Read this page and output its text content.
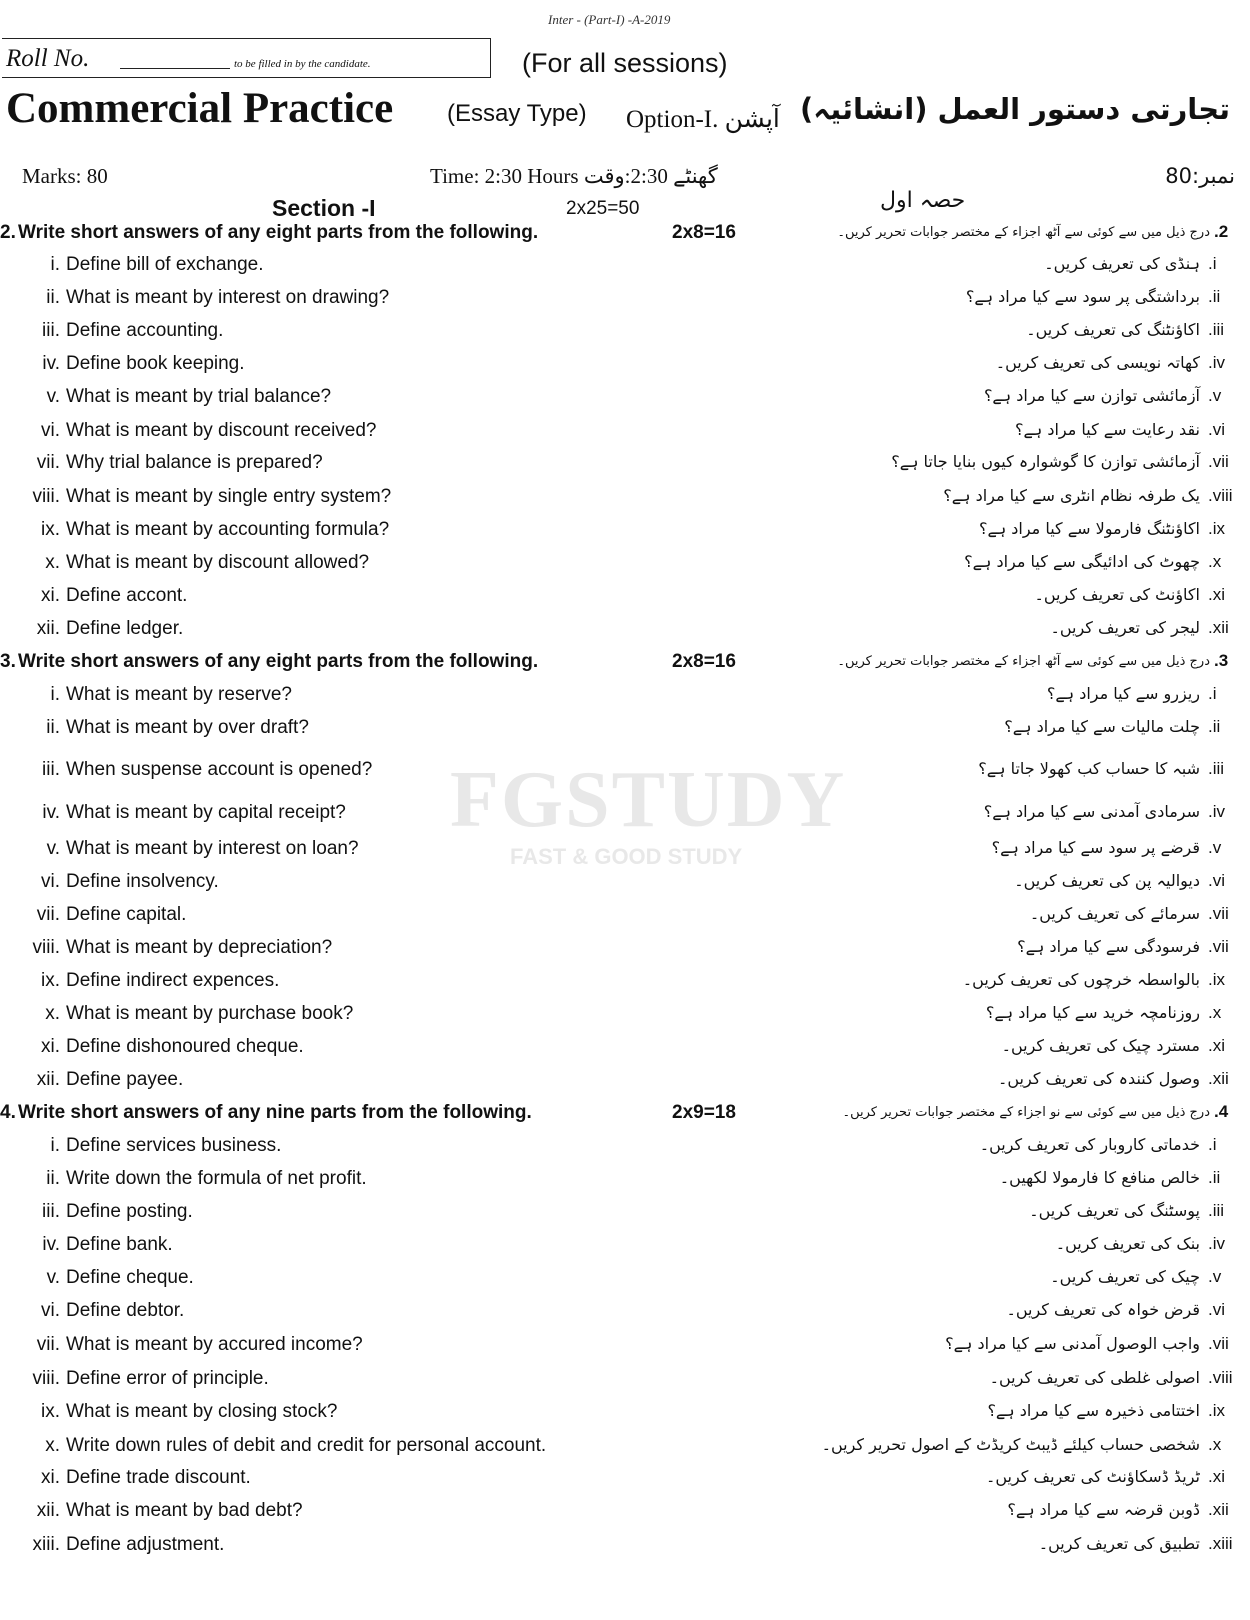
FGSTUDY
FAST & GOOD STUDY
Inter - (Part-I) -A-2019
Roll No.	to be filled in by the candidate.	(For all sessions)
Commercial Practice (Essay Type) Option-I. آپشن تجارتی دستور العمل (انشائیہ)
Marks: 80	Time: 2:30 Hours گھنٹے 2:30:وقت	نمبر:80
Section -I	2x25=50	حصہ اول
2. Write short answers of any eight parts from the following.	2x8=16	درج ذیل میں سے کوئی سے آٹھ اجزاء کے مختصر جوابات تحریر کریں۔ .2
i. Define bill of exchange.	ہنڈی کی تعریف کریں۔ .i
ii. What is meant by interest on drawing?	برداشتگی پر سود سے کیا مراد ہے؟ .ii
iii. Define accounting.	اکاؤنٹنگ کی تعریف کریں۔ .iii
iv. Define book keeping.	کھاتہ نویسی کی تعریف کریں۔ .iv
v. What is meant by trial balance?	آزمائشی توازن سے کیا مراد ہے؟ .v
vi. What is meant by discount received?	نقد رعایت سے کیا مراد ہے؟ .vi
vii. Why trial balance is prepared?	آزمائشی توازن کا گوشوارہ کیوں بنایا جاتا ہے؟ .vii
viii. What is meant by single entry system?	یک طرفہ نظام انٹری سے کیا مراد ہے؟ .viii
ix. What is meant by accounting formula?	اکاؤنٹنگ فارمولا سے کیا مراد ہے؟ .ix
x. What is meant by discount allowed?	چھوٹ کی ادائیگی سے کیا مراد ہے؟ .x
xi. Define accont.	اکاؤنٹ کی تعریف کریں۔ .xi
xii. Define ledger.	لیجر کی تعریف کریں۔ .xii
3. Write short answers of any eight parts from the following.	2x8=16	درج ذیل میں سے کوئی سے آٹھ اجزاء کے مختصر جوابات تحریر کریں۔ .3
i. What is meant by reserve?	ریزرو سے کیا مراد ہے؟ .i
ii. What is meant by over draft?	چلت مالیات سے کیا مراد ہے؟ .ii
iii. When suspense account is opened?	شبہ کا حساب کب کھولا جاتا ہے؟ .iii
iv. What is meant by capital receipt?	سرمادی آمدنی سے کیا مراد ہے؟ .iv
v. What is meant by interest on loan?	قرضے پر سود سے کیا مراد ہے؟ .v
vi. Define insolvency.	دیوالیہ پن کی تعریف کریں۔ .vi
vii. Define capital.	سرمائے کی تعریف کریں۔ .vii
viii. What is meant by depreciation?	فرسودگی سے کیا مراد ہے؟ .vii
ix. Define indirect expences.	بالواسطہ خرچوں کی تعریف کریں۔ .ix
x. What is meant by purchase book?	روزنامچہ خرید سے کیا مراد ہے؟ .x
xi. Define dishonoured cheque.	مسترد چیک کی تعریف کریں۔ .xi
xii. Define payee.	وصول کنندہ کی تعریف کریں۔ .xii
4. Write short answers of any nine parts from the following.	2x9=18	درج ذیل میں سے کوئی سے نو اجزاء کے مختصر جوابات تحریر کریں۔ .4
i. Define services business.	خدماتی کاروبار کی تعریف کریں۔ .i
ii. Write down the formula of net profit.	خالص منافع کا فارمولا لکھیں۔ .ii
iii. Define posting.	پوسٹنگ کی تعریف کریں۔ .iii
iv. Define bank.	بنک کی تعریف کریں۔ .iv
v. Define cheque.	چیک کی تعریف کریں۔ .v
vi. Define debtor.	قرض خواہ کی تعریف کریں۔ .vi
vii. What is meant by accured income?	واجب الوصول آمدنی سے کیا مراد ہے؟ .vii
viii. Define error of principle.	اصولی غلطی کی تعریف کریں۔ .viii
ix. What is meant by closing stock?	اختتامی ذخیرہ سے کیا مراد ہے؟ .ix
x. Write down rules of debit and credit for personal account.	شخصی حساب کیلئے ڈیبٹ کریڈٹ کے اصول تحریر کریں۔ .x
xi. Define trade discount.	ٹریڈ ڈسکاؤنٹ کی تعریف کریں۔ .xi
xii. What is meant by bad debt?	ڈوبن قرضہ سے کیا مراد ہے؟ .xii
xiii. Define adjustment.	تطبیق کی تعریف کریں۔ .xiii
